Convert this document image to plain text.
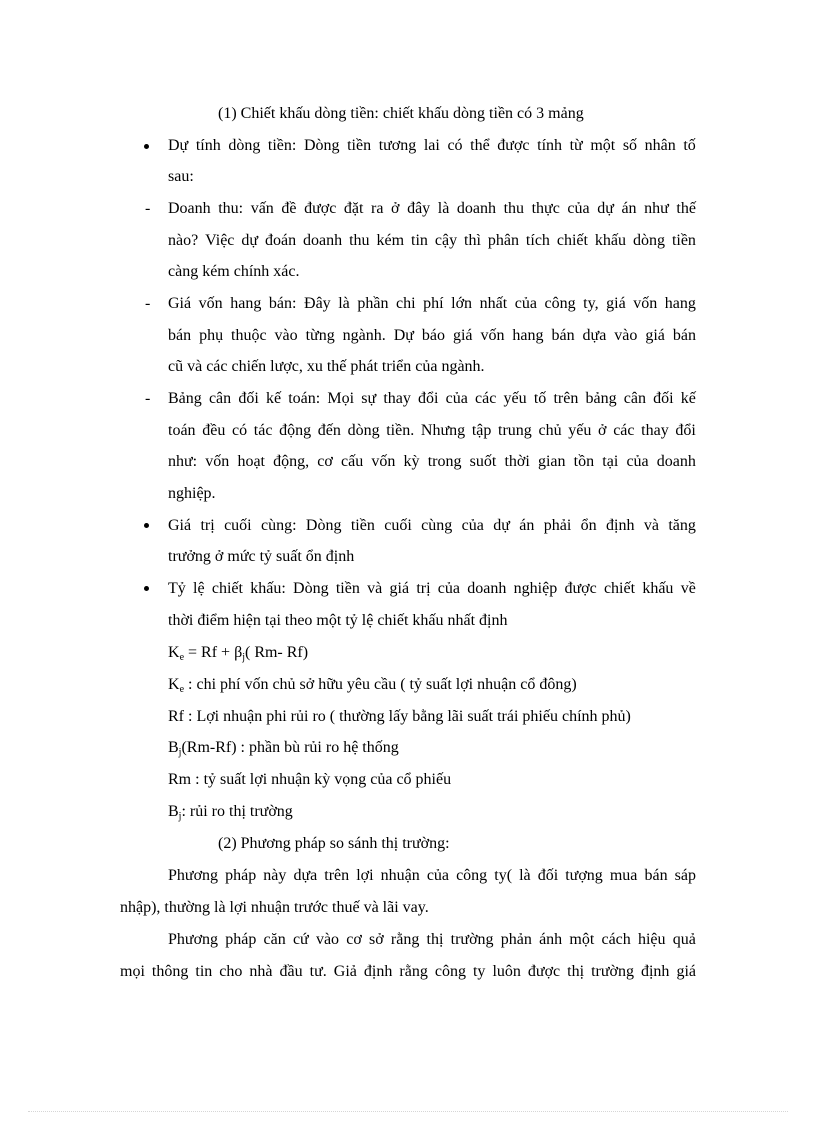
(1) Chiết khấu dòng tiền: chiết khấu dòng tiền có 3 mảng
Dự tính dòng tiền: Dòng tiền tương lai có thể được tính từ một số nhân tố
sau:
- Doanh thu: vấn đề được đặt ra ở đây là doanh thu thực của dự án như thế
nào? Việc dự đoán doanh thu kém tin cậy thì phân tích chiết khấu dòng tiền
càng kém chính xác.
- Giá vốn hang bán: Đây là phần chi phí lớn nhất của công ty, giá vốn hang
bán phụ thuộc vào từng ngành. Dự báo giá vốn hang bán dựa vào giá bán
cũ và các chiến lược, xu thế phát triển của ngành.
- Bảng cân đối kế toán: Mọi sự thay đổi của các yếu tố trên bảng cân đối kế
toán đều có tác động đến dòng tiền. Nhưng tập trung chủ yếu ở các thay đổi
như: vốn hoạt động, cơ cấu vốn kỳ trong suốt thời gian tồn tại của doanh
nghiệp.
Giá trị cuối cùng: Dòng tiền cuối cùng của dự án phải ổn định và tăng
trưởng ở mức tỷ suất ổn định
Tỷ lệ chiết khấu: Dòng tiền và giá trị của doanh nghiệp được chiết khấu về
thời điểm hiện tại theo một tỷ lệ chiết khấu nhất định
$K_e = Rf + \beta_j$( Rm- Rf)
$K_e$ : chi phí vốn chủ sở hữu yêu cầu ( tỷ suất lợi nhuận cổ đông)
Rf : Lợi nhuận phi rủi ro ( thường lấy bằng lãi suất trái phiếu chính phủ)
$B_j(Rm-Rf)$ : phần bù rủi ro hệ thống
Rm : tỷ suất lợi nhuận kỳ vọng của cổ phiếu
$B_j$: rủi ro thị trường
(2) Phương pháp so sánh thị trường:
Phương pháp này dựa trên lợi nhuận của công ty( là đối tượng mua bán sáp
nhập), thường là lợi nhuận trước thuế và lãi vay.
Phương pháp căn cứ vào cơ sở rằng thị trường phản ánh một cách hiệu quả
mọi thông tin cho nhà đầu tư. Giả định rằng công ty luôn được thị trường định giá
